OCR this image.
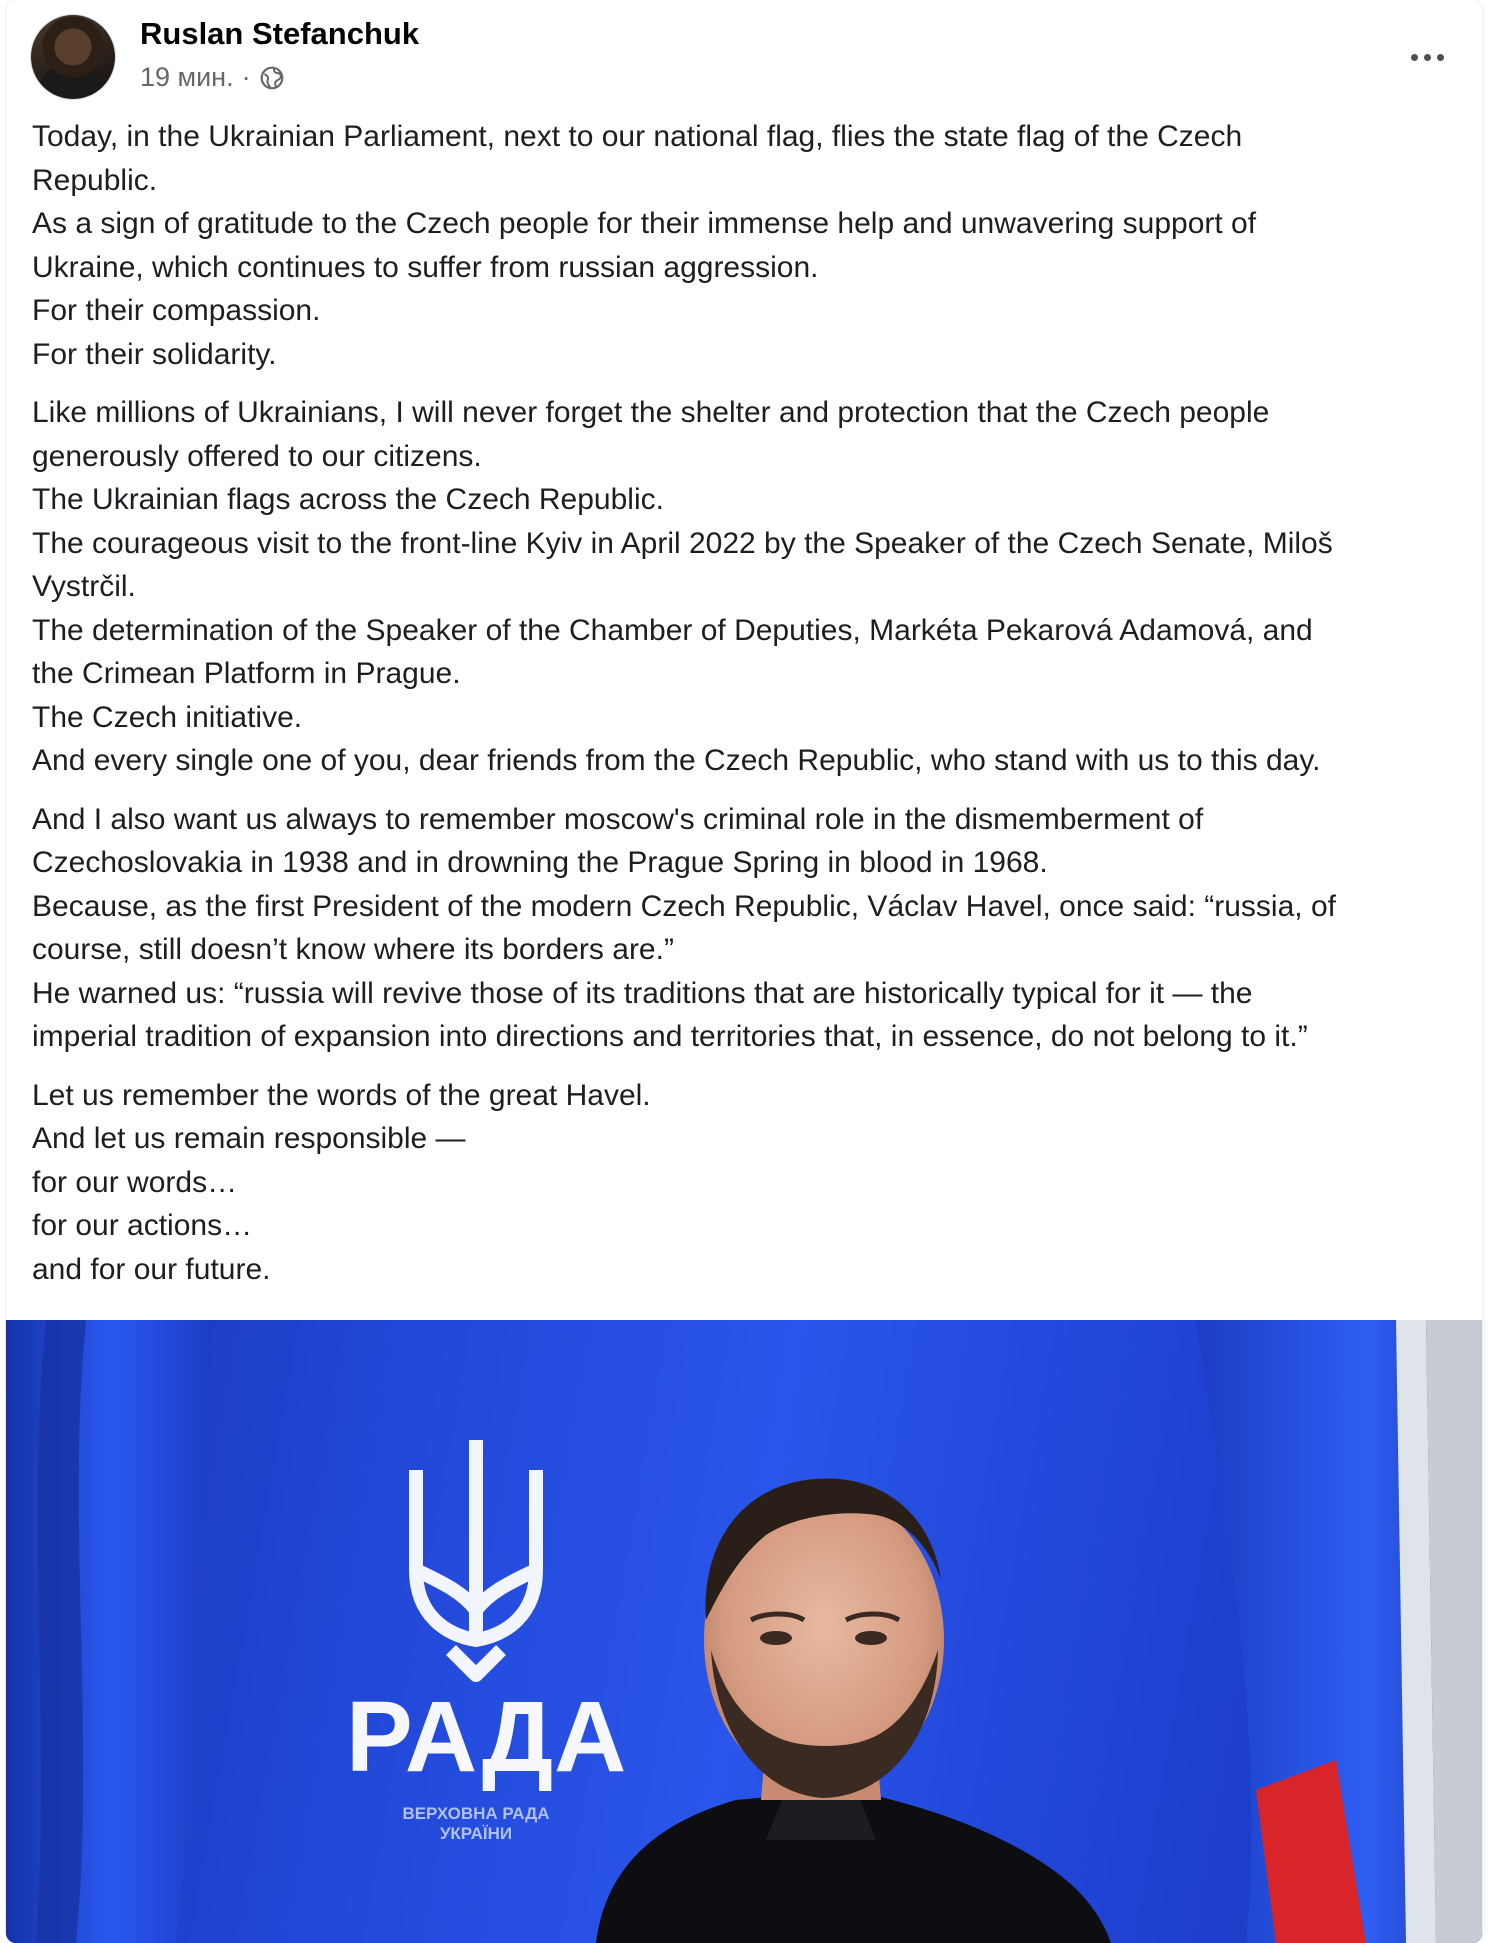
Ruslan Stefanchuk
19 мин. ·

Today, in the Ukrainian Parliament, next to our national flag, flies the state flag of the Czech
Republic.
As a sign of gratitude to the Czech people for their immense help and unwavering support of
Ukraine, which continues to suffer from russian aggression.
For their compassion.
For their solidarity.

Like millions of Ukrainians, I will never forget the shelter and protection that the Czech people
generously offered to our citizens.
The Ukrainian flags across the Czech Republic.
The courageous visit to the front-line Kyiv in April 2022 by the Speaker of the Czech Senate, Miloš
Vystrčil.
The determination of the Speaker of the Chamber of Deputies, Markéta Pekarová Adamová, and
the Crimean Platform in Prague.
The Czech initiative.
And every single one of you, dear friends from the Czech Republic, who stand with us to this day.

And I also want us always to remember moscow's criminal role in the dismemberment of
Czechoslovakia in 1938 and in drowning the Prague Spring in blood in 1968.
Because, as the first President of the modern Czech Republic, Václav Havel, once said: “russia, of
course, still doesn’t know where its borders are.”
He warned us: “russia will revive those of its traditions that are historically typical for it — the
imperial tradition of expansion into directions and territories that, in essence, do not belong to it.”

Let us remember the words of the great Havel.
And let us remain responsible —
for our words…
for our actions…
and for our future.

РАДА
ВЕРХОВНА РАДА УКРАЇНИ
